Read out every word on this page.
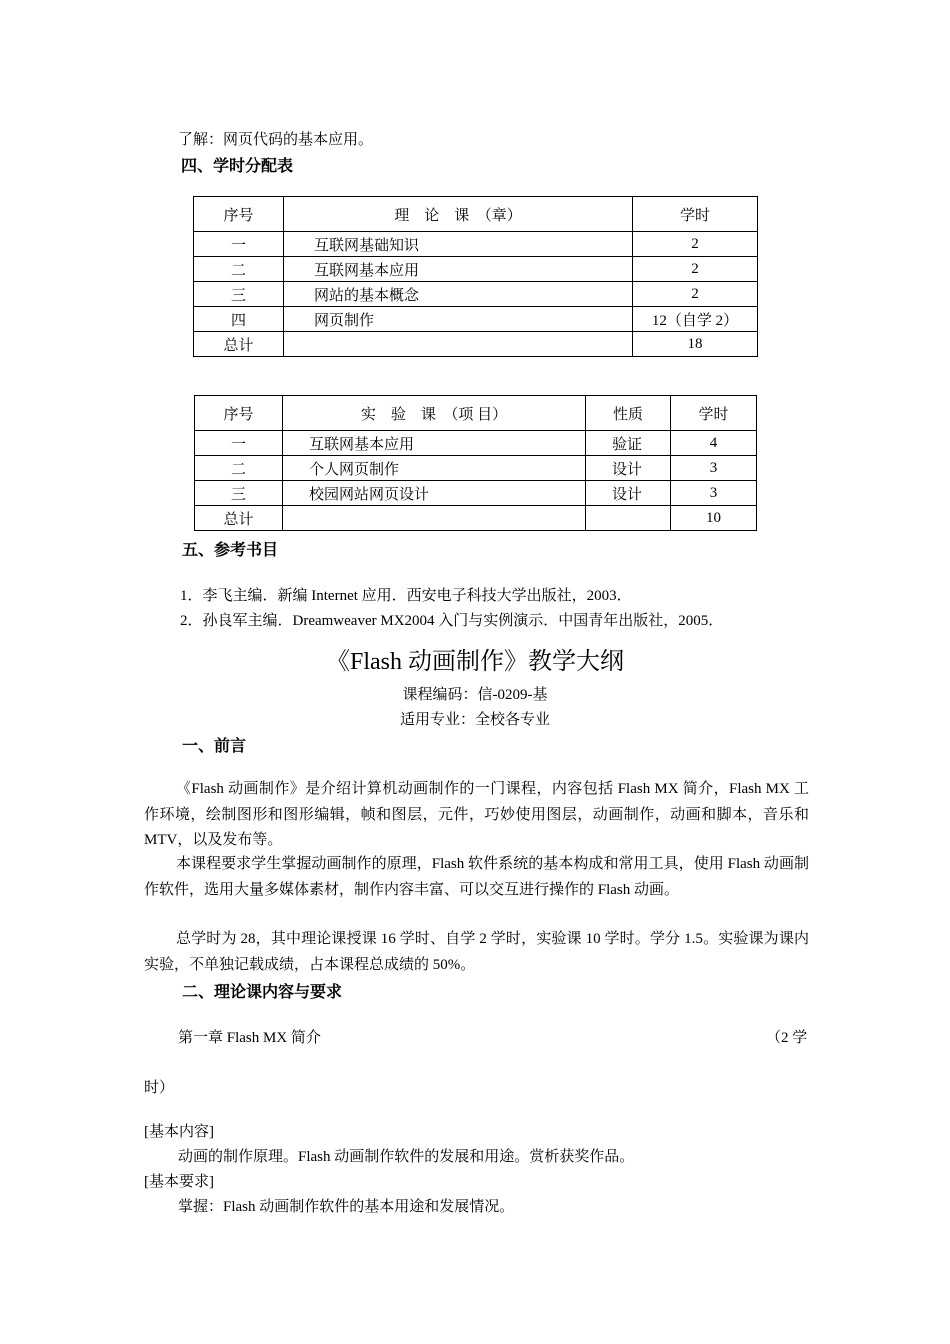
了解：网页代码的基本应用。
四、学时分配表
序号	理　论　课　（章）	学时
一	互联网基础知识	2
二	互联网基本应用	2
三	网站的基本概念	2
四	网页制作	12（自学 2）
总计		18
序号	实　验　课　（项 目）	性质	学时
一	互联网基本应用	验证	4
二	个人网页制作	设计	3
三	校园网站网页设计	设计	3
总计			10
五、参考书目
1．李飞主编．新编 Internet 应用．西安电子科技大学出版社，2003．
2．孙良军主编．Dreamweaver MX2004 入门与实例演示．中国青年出版社，2005．
《Flash 动画制作》教学大纲
课程编码：信-0209-基
适用专业：全校各专业
一、前言
《Flash 动画制作》是介绍计算机动画制作的一门课程，内容包括 Flash MX 简介，Flash MX 工作环境，绘制图形和图形编辑，帧和图层，元件，巧妙使用图层，动画制作，动画和脚本，音乐和 MTV，以及发布等。
本课程要求学生掌握动画制作的原理，Flash 软件系统的基本构成和常用工具，使用 Flash 动画制作软件，选用大量多媒体素材，制作内容丰富、可以交互进行操作的 Flash 动画。
总学时为 28，其中理论课授课 16 学时、自学 2 学时，实验课 10 学时。学分 1.5。实验课为课内实验，不单独记载成绩，占本课程总成绩的 50%。
二、理论课内容与要求
第一章 Flash MX 简介	（2 学
时）
[基本内容]
动画的制作原理。Flash 动画制作软件的发展和用途。赏析获奖作品。
[基本要求]
掌握：Flash 动画制作软件的基本用途和发展情况。
